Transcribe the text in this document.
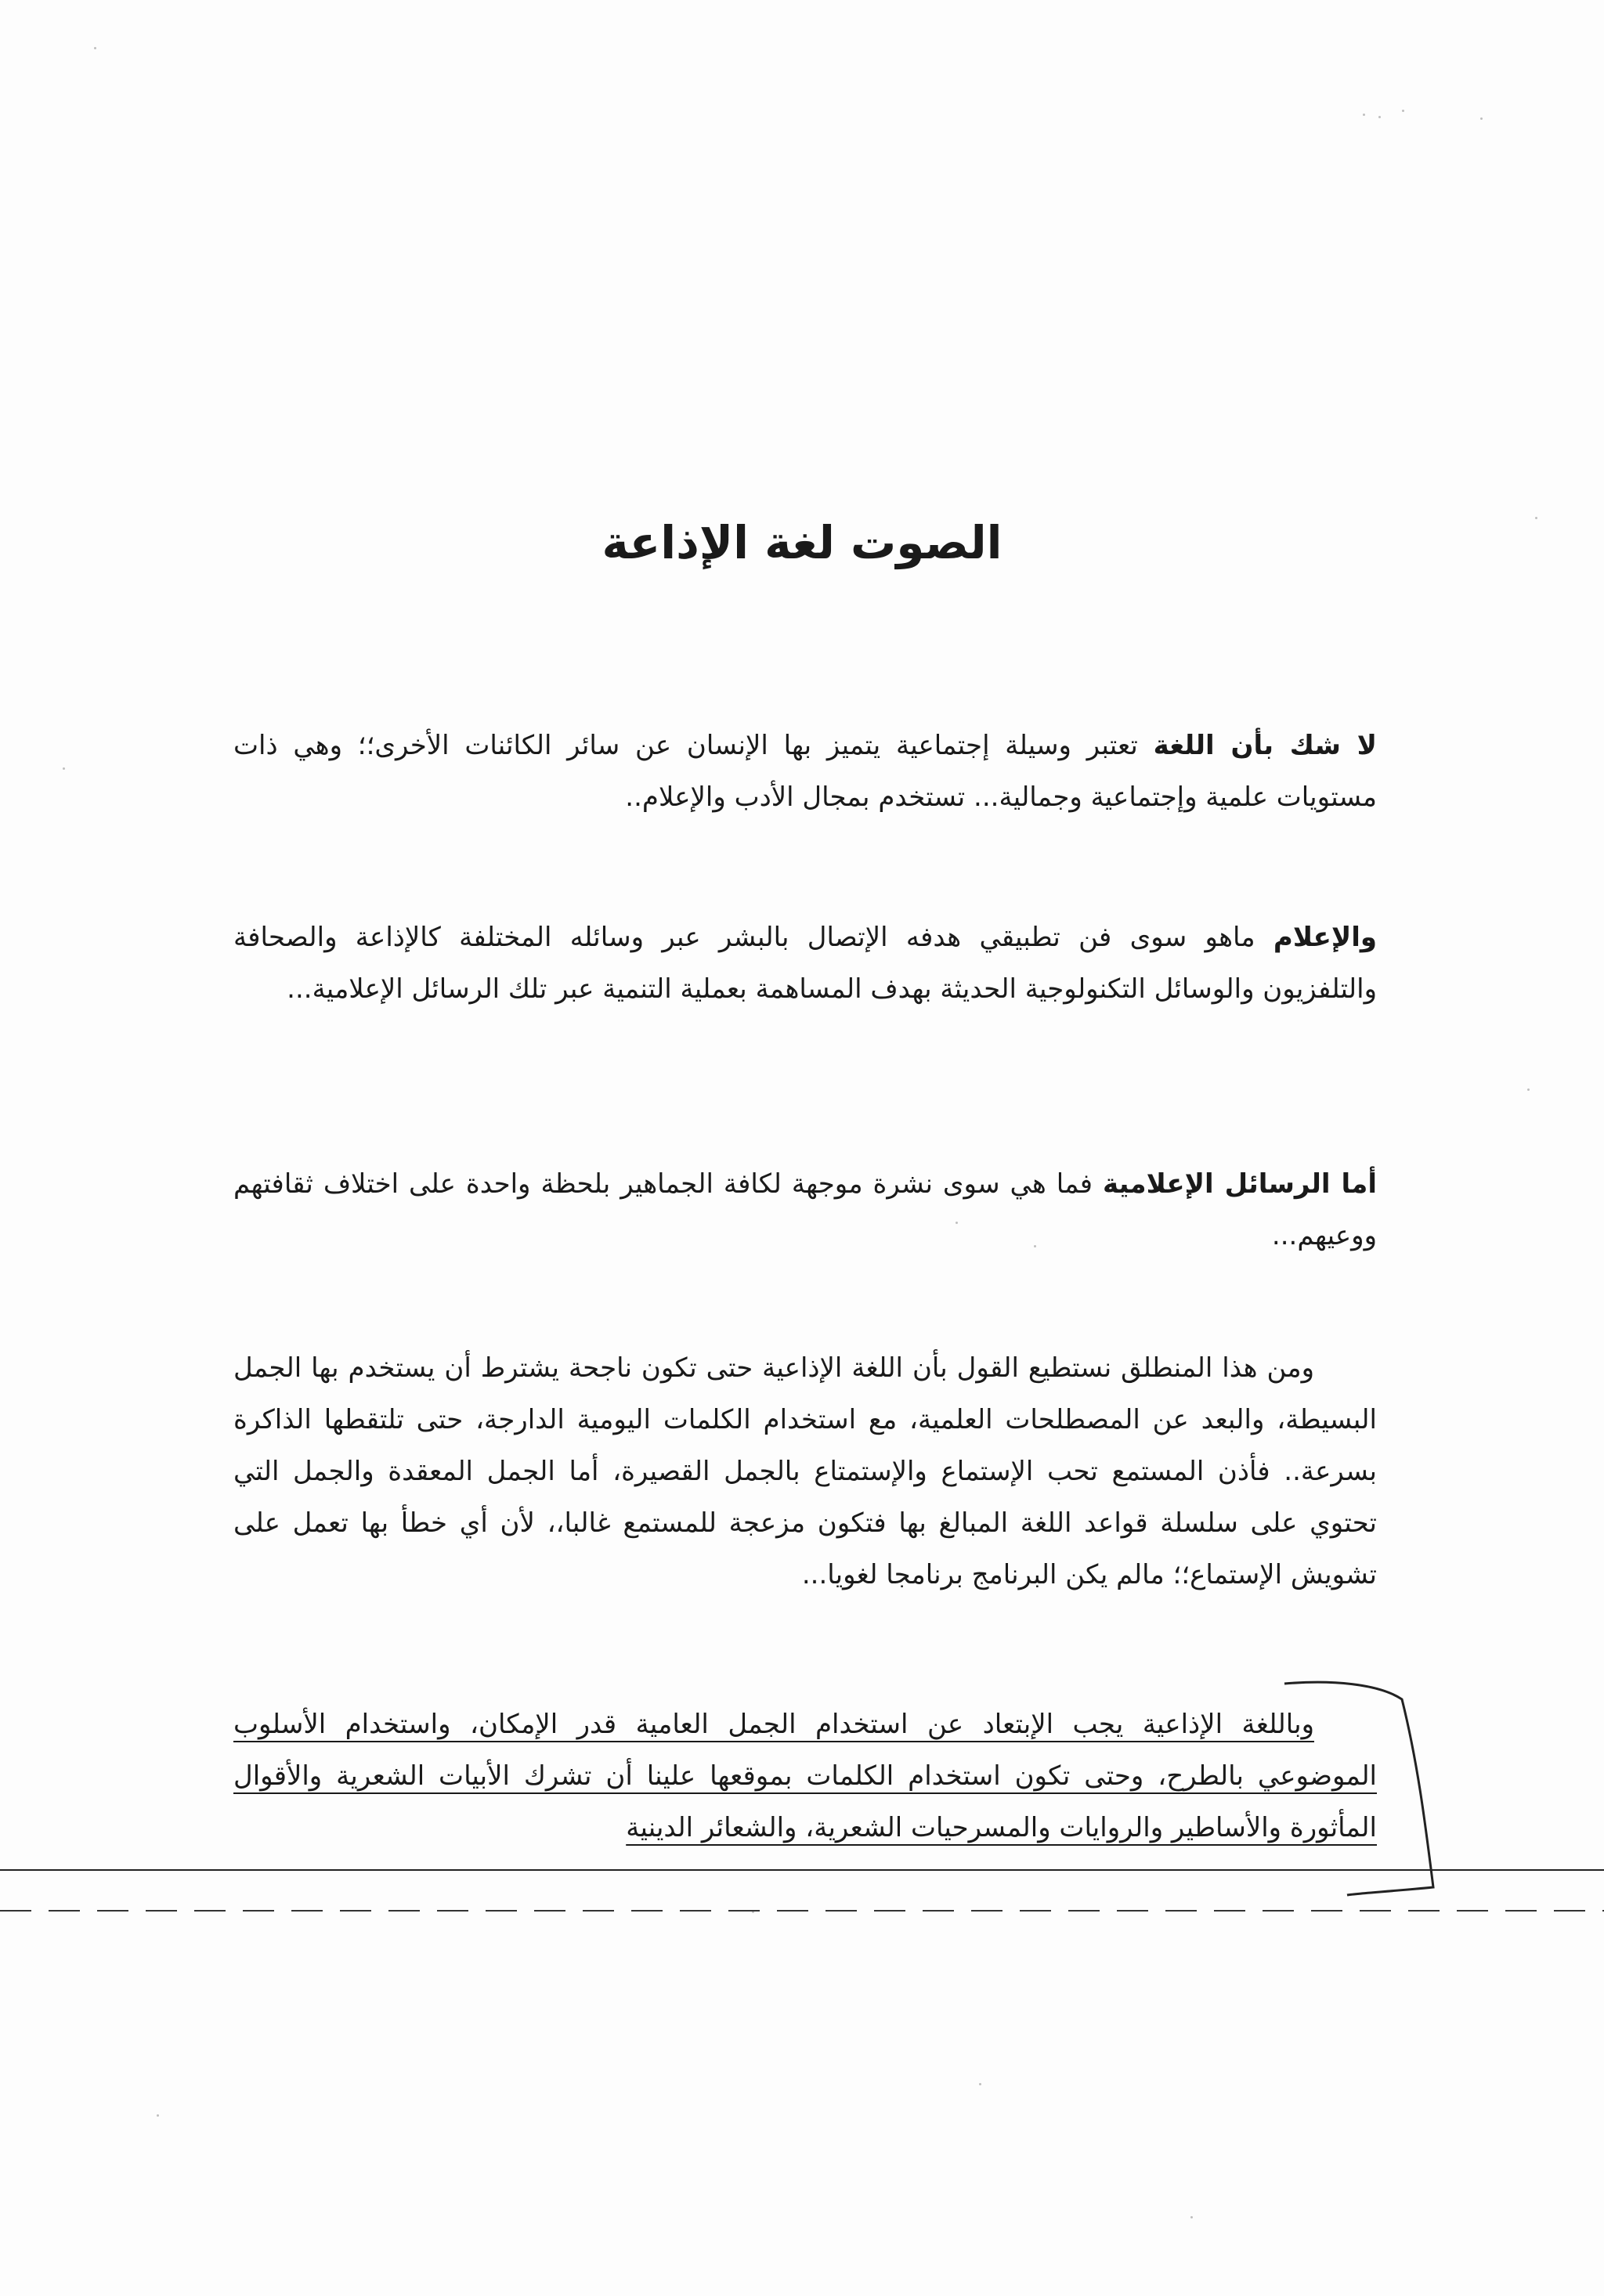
الصوت لغة الإذاعة

لا شك بأن اللغة تعتبر وسيلة إجتماعية يتميز بها الإنسان عن سائر الكائنات الأخرى؛؛ وهي ذات مستويات علمية وإجتماعية وجمالية... تستخدم بمجال الأدب والإعلام..

والإعلام ماهو سوى فن تطبيقي هدفه الإتصال بالبشر عبر وسائله المختلفة كالإذاعة والصحافة والتلفزيون والوسائل التكنولوجية الحديثة بهدف المساهمة بعملية التنمية عبر تلك الرسائل الإعلامية...

أما الرسائل الإعلامية فما هي سوى نشرة موجهة لكافة الجماهير بلحظة واحدة على اختلاف ثقافتهم ووعيهم...

ومن هذا المنطلق نستطيع القول بأن اللغة الإذاعية حتى تكون ناجحة يشترط أن يستخدم بها الجمل البسيطة، والبعد عن المصطلحات العلمية، مع استخدام الكلمات اليومية الدارجة، حتى تلتقطها الذاكرة بسرعة.. فأذن المستمع تحب الإستماع والإستمتاع بالجمل القصيرة، أما الجمل المعقدة والجمل التي تحتوي على سلسلة قواعد اللغة المبالغ بها فتكون مزعجة للمستمع غالبا،، لأن أي خطأ بها تعمل على تشويش الإستماع؛؛ مالم يكن البرنامج برنامجا لغويا...

وباللغة الإذاعية يجب الإبتعاد عن استخدام الجمل العامية قدر الإمكان، واستخدام الأسلوب الموضوعي بالطرح، وحتى تكون استخدام الكلمات بموقعها علينا أن تشرك الأبيات الشعرية والأقوال المأثورة والأساطير والروايات والمسرحيات الشعرية، والشعائر الدينية
